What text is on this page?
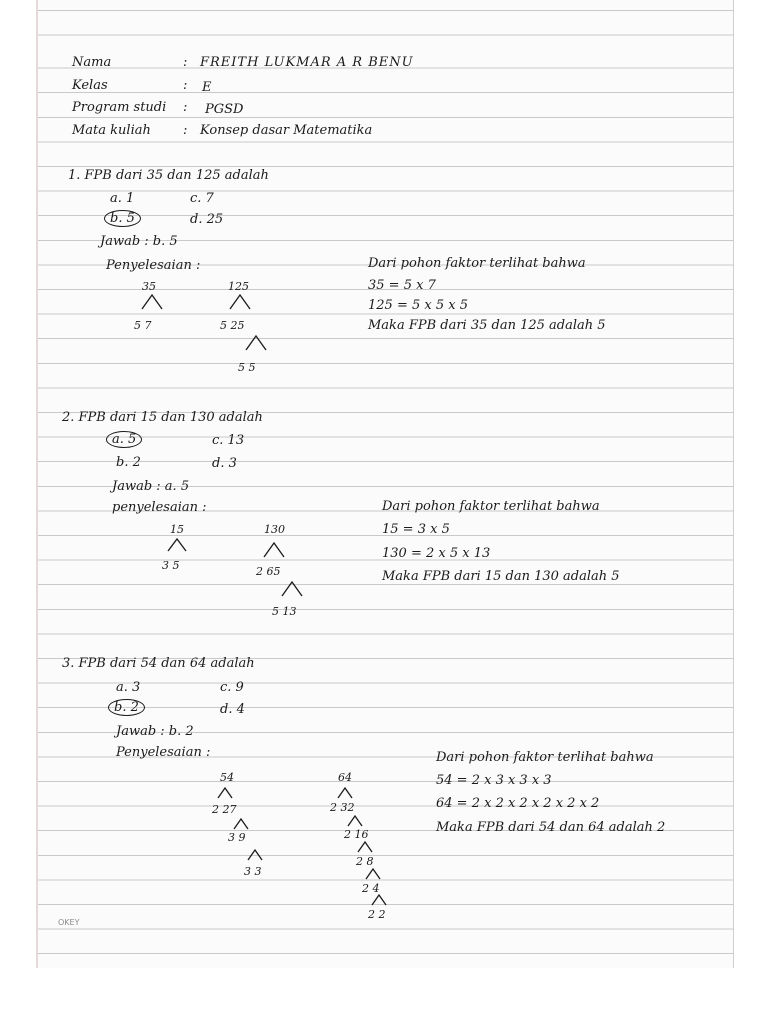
Nama	: FREITH LUKMAR A R BENU
Kelas	: E
Program studi : PGSD
Mata kuliah : Konsep dasar Matematika
1. FPB dari 35 dan 125 adalah
a. 1	c. 7
b. 5	d. 25
Jawab : b. 5
Penyelesaian :
35
5 7
125
5 25
5 5
Dari pohon faktor terlihat bahwa
35 = 5 x 7
125 = 5 x 5 x 5
Maka FPB dari 35 dan 125 adalah 5
2. FPB dari 15 dan 130 adalah
a. 5	c. 13
b. 2	d. 3
Jawab : a. 5
penyelesaian :
15
3 5
130
2 65
5 13
Dari pohon faktor terlihat bahwa
15 = 3 x 5
130 = 2 x 5 x 13
Maka FPB dari 15 dan 130 adalah 5
3. FPB dari 54 dan 64 adalah
a. 3	c. 9
b. 2	d. 4
Jawab : b. 2
Penyelesaian :
54
2 27
3 9
3 3
64
2 32
2 16
2 8
2 4
2 2
Dari pohon faktor terlihat bahwa
54 = 2 x 3 x 3 x 3
64 = 2 x 2 x 2 x 2 x 2 x 2
Maka FPB dari 54 dan 64 adalah 2
OKEY
